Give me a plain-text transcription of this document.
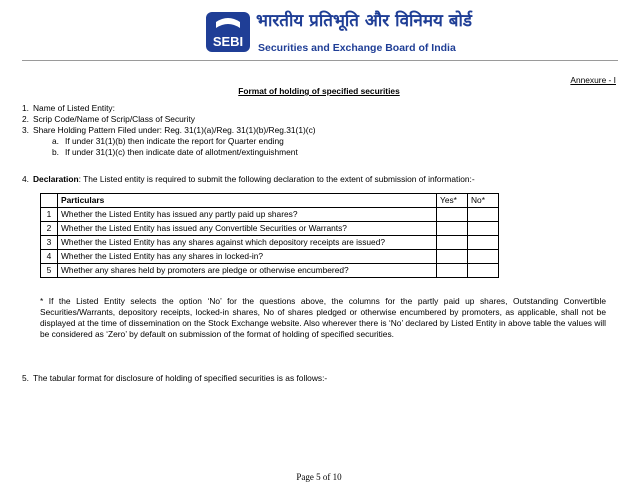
SEBI
भारतीय प्रतिभूति और विनिमय बोर्ड
Securities and Exchange Board of India
Annexure - I
Format of holding of specified securities
1. Name of Listed Entity:
2. Scrip Code/Name of Scrip/Class of Security
3. Share Holding Pattern Filed under: Reg. 31(1)(a)/Reg. 31(1)(b)/Reg.31(1)(c)
a. If under 31(1)(b) then indicate the report for Quarter ending
b. If under 31(1)(c) then indicate date of allotment/extinguishment
4. Declaration: The Listed entity is required to submit the following declaration to the extent of submission of information:-
	Particulars	Yes*	No*
1	Whether the Listed Entity has issued any partly paid up shares?		
2	Whether the Listed Entity has issued any Convertible Securities or Warrants?		
3	Whether the Listed Entity has any shares against which depository receipts are issued?		
4	Whether the Listed Entity has any shares in locked-in?		
5	Whether any shares held by promoters are pledge or otherwise encumbered?		
* If the Listed Entity selects the option ‘No’ for the questions above, the columns for the partly paid up shares, Outstanding Convertible Securities/Warrants, depository receipts, locked-in shares, No of shares pledged or otherwise encumbered by promoters, as applicable, shall not be displayed at the time of dissemination on the Stock Exchange website. Also wherever there is ‘No’ declared by Listed Entity in above table the values will be considered as ‘Zero’ by default on submission of the format of holding of specified securities.
5. The tabular format for disclosure of holding of specified securities is as follows:-
Page 5 of 10
